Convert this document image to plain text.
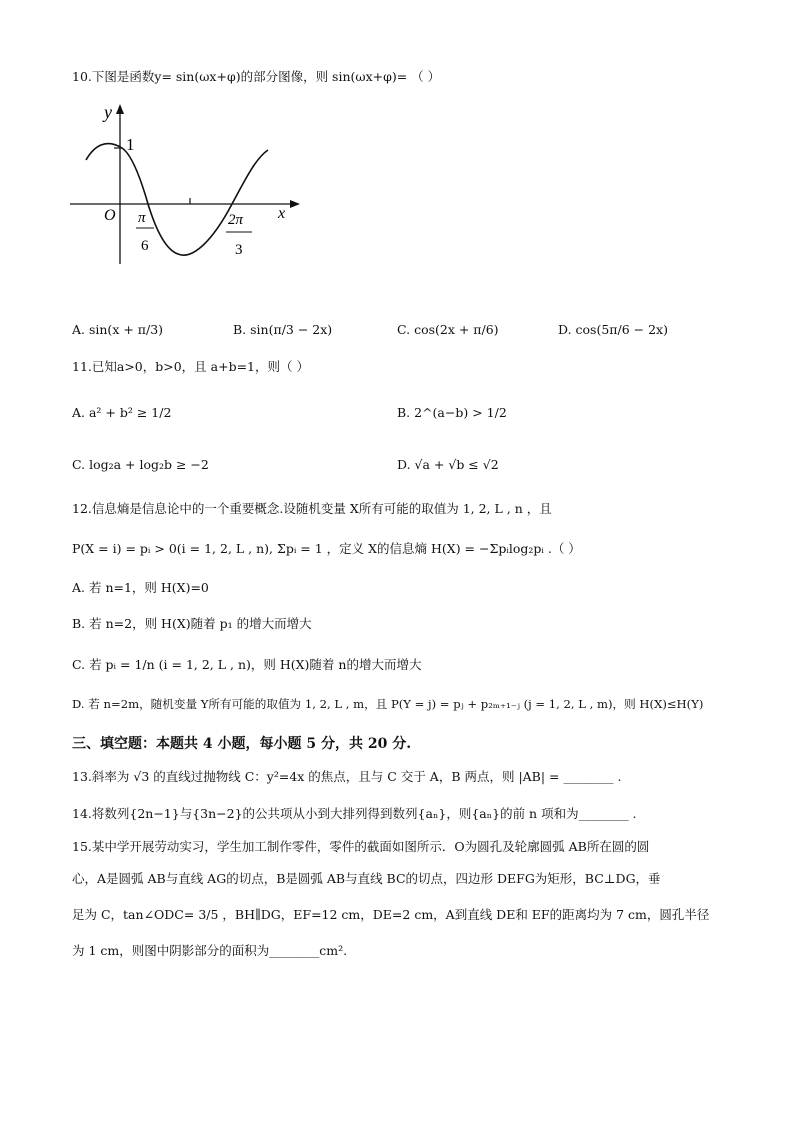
10.下图是函数y= sin(ωx+φ)的部分图像，则 sin(ωx+φ)= （ ）
y
1
O	x
π
6
2π
3
A. sin(x + π/3)	B. sin(π/3 − 2x)	C. cos(2x + π/6)	D. cos(5π/6 − 2x)
11.已知a>0，b>0，且 a+b=1，则（ ）
A. a² + b² ≥ 1/2	B. 2^(a−b) > 1/2
C. log₂a + log₂b ≥ −2	D. √a + √b ≤ √2
12.信息熵是信息论中的一个重要概念.设随机变量 X所有可能的取值为 1, 2, L , n ，且
P(X = i) = pᵢ > 0(i = 1, 2, L , n), Σpᵢ = 1 ，定义 X的信息熵 H(X) = −Σpᵢlog₂pᵢ .（ ）
A. 若 n=1，则 H(X)=0
B. 若 n=2，则 H(X)随着 p₁ 的增大而增大
C. 若 pᵢ = 1/n (i = 1, 2, L , n)，则 H(X)随着 n的增大而增大
D. 若 n=2m，随机变量 Y所有可能的取值为 1, 2, L , m，且 P(Y = j) = pⱼ + p₂ₘ₊₁₋ⱼ (j = 1, 2, L , m)，则 H(X)≤H(Y)
三、填空题：本题共 4 小题，每小题 5 分，共 20 分.
13.斜率为 √3 的直线过抛物线 C：y²=4x 的焦点，且与 C 交于 A，B 两点，则 |AB| = ________ .
14.将数列{2n−1}与{3n−2}的公共项从小到大排列得到数列{aₙ}，则{aₙ}的前 n 项和为________ .
15.某中学开展劳动实习，学生加工制作零件，零件的截面如图所示．O为圆孔及轮廓圆弧 AB所在圆的圆
心，A是圆弧 AB与直线 AG的切点，B是圆弧 AB与直线 BC的切点，四边形 DEFG为矩形，BC⊥DG，垂
足为 C，tan∠ODC= 3/5 ，BH∥DG，EF=12 cm，DE=2 cm，A到直线 DE和 EF的距离均为 7 cm，圆孔半径
为 1 cm，则图中阴影部分的面积为________cm².
